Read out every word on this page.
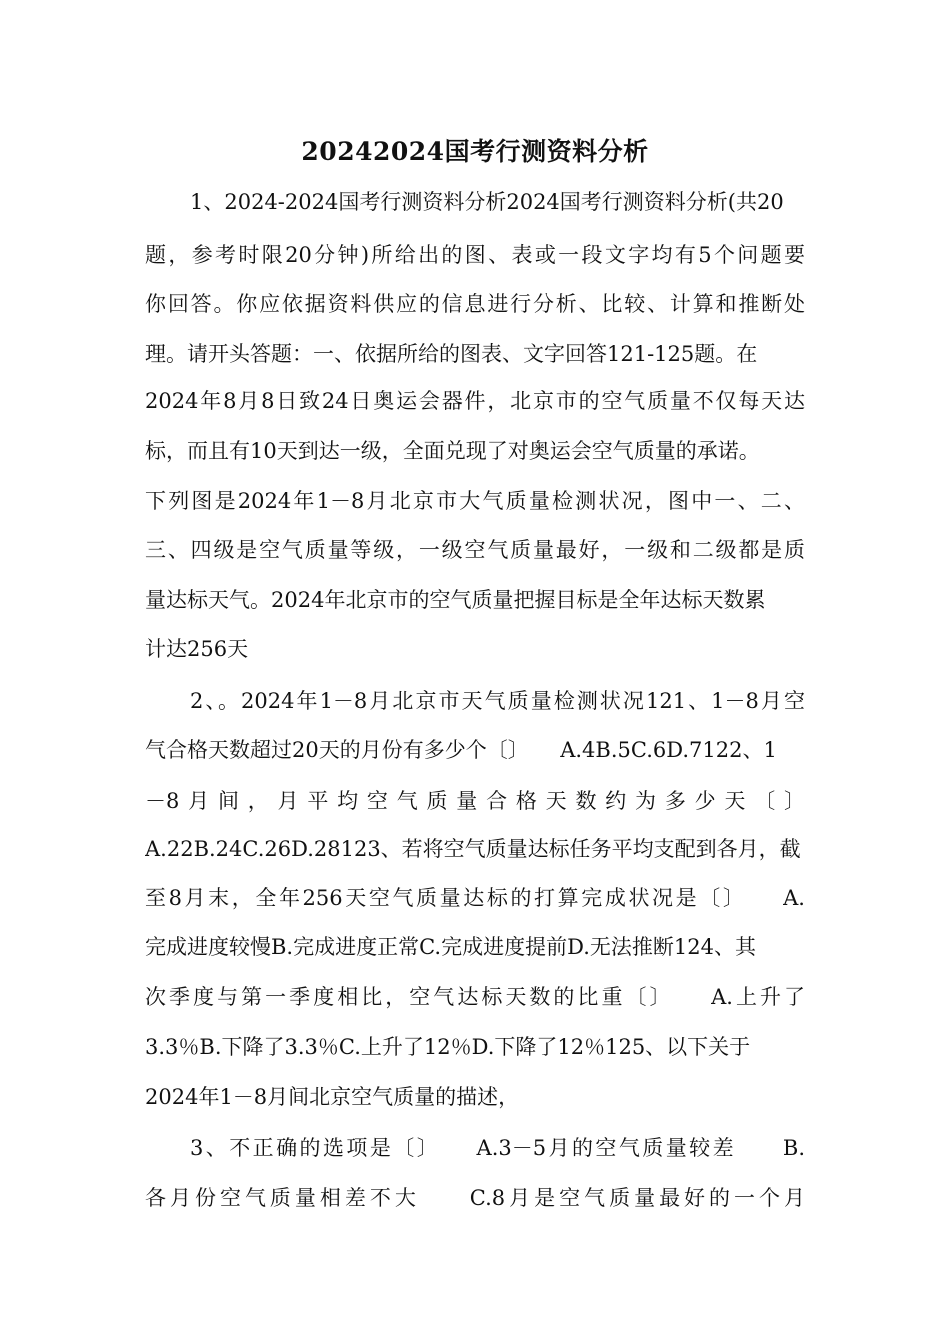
20242024国考行测资料分析
1、2024-2024国考行测资料分析2024国考行测资料分析(共20
题，参考时限20分钟)所给出的图、表或一段文字均有5个问题要
你回答。你应依据资料供应的信息进行分析、比较、计算和推断处
理。请开头答题：一、依据所给的图表、文字回答121-125题。在
2024年8月8日致24日奥运会器件，北京市的空气质量不仅每天达
标，而且有10天到达一级，全面兑现了对奥运会空气质量的承诺。
下列图是2024年1－8月北京市大气质量检测状况，图中一、二、
三、四级是空气质量等级，一级空气质量最好，一级和二级都是质
量达标天气。2024年北京市的空气质量把握目标是全年达标天数累
计达256天
2、。2024年1－8月北京市天气质量检测状况121、1－8月空
气合格天数超过20天的月份有多少个〔〕　　A.4B.5C.6D.7122、1
－8月间，月平均空气质量合格天数约为多少天〔〕
A.22B.24C.26D.28123、若将空气质量达标任务平均支配到各月，截
至8月末，全年256天空气质量达标的打算完成状况是〔〕　　A.
完成进度较慢B.完成进度正常C.完成进度提前D.无法推断124、其
次季度与第一季度相比，空气达标天数的比重〔〕　　A.上升了
3.3％B.下降了3.3％C.上升了12％D.下降了12％125、以下关于
2024年1－8月间北京空气质量的描述，
3、不正确的选项是〔〕　　A.3－5月的空气质量较差　　B.
各月份空气质量相差不大　　C.8月是空气质量最好的一个月
